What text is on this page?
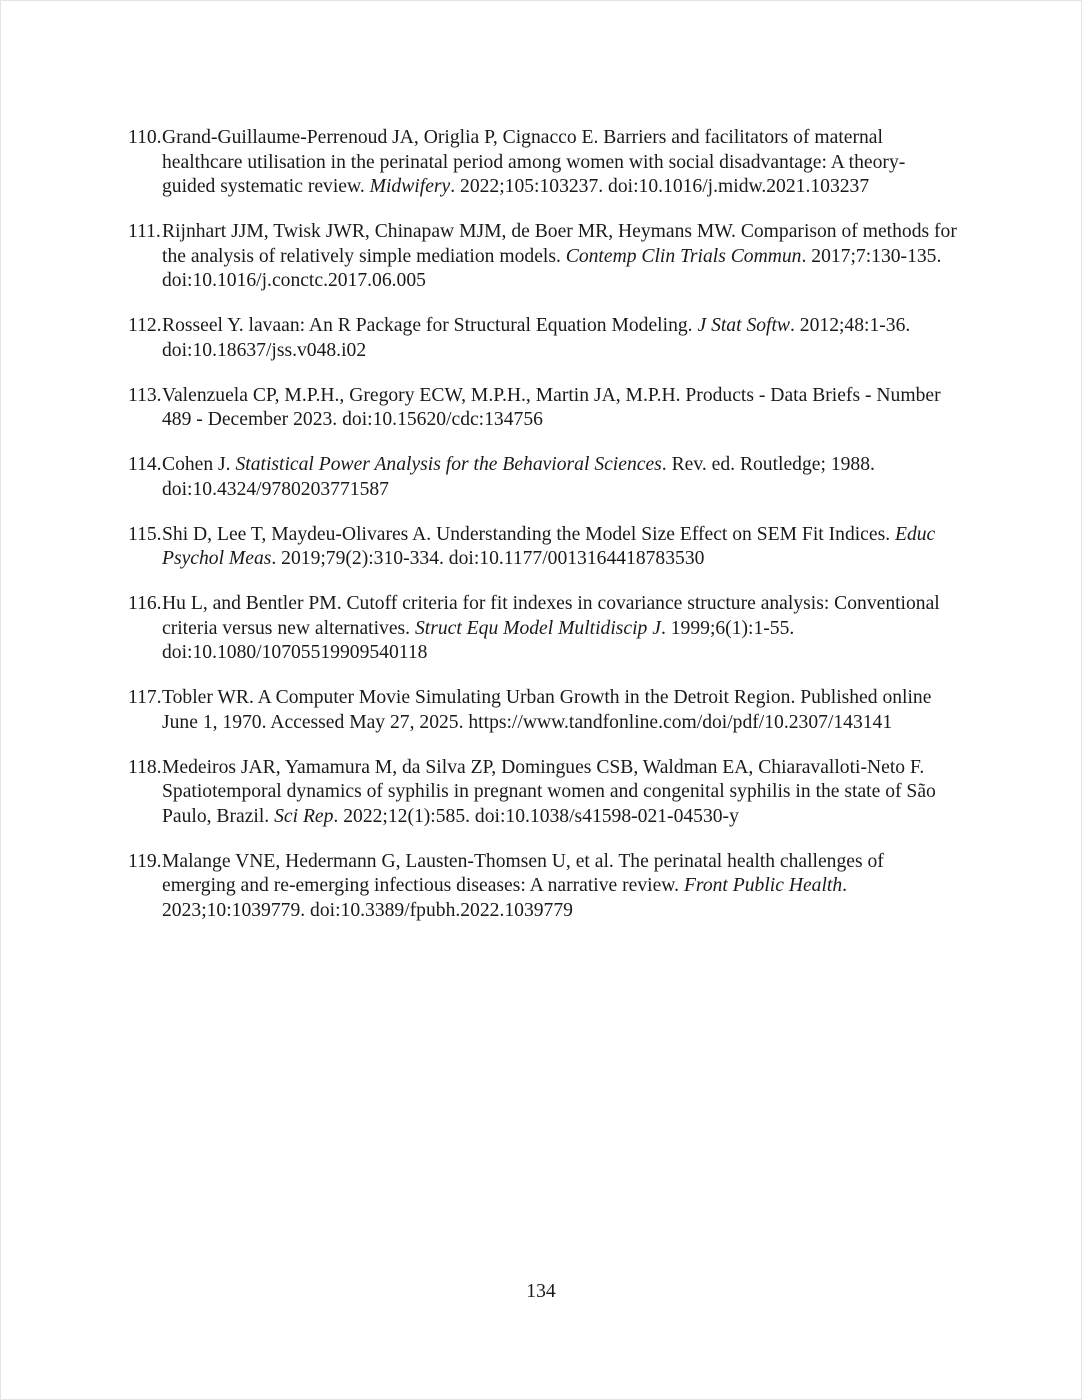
110. Grand-Guillaume-Perrenoud JA, Origlia P, Cignacco E. Barriers and facilitators of maternal healthcare utilisation in the perinatal period among women with social disadvantage: A theory-guided systematic review. Midwifery. 2022;105:103237. doi:10.1016/j.midw.2021.103237
111. Rijnhart JJM, Twisk JWR, Chinapaw MJM, de Boer MR, Heymans MW. Comparison of methods for the analysis of relatively simple mediation models. Contemp Clin Trials Commun. 2017;7:130-135. doi:10.1016/j.conctc.2017.06.005
112. Rosseel Y. lavaan: An R Package for Structural Equation Modeling. J Stat Softw. 2012;48:1-36. doi:10.18637/jss.v048.i02
113. Valenzuela CP, M.P.H., Gregory ECW, M.P.H., Martin JA, M.P.H. Products - Data Briefs - Number 489 - December 2023. doi:10.15620/cdc:134756
114. Cohen J. Statistical Power Analysis for the Behavioral Sciences. Rev. ed. Routledge; 1988. doi:10.4324/9780203771587
115. Shi D, Lee T, Maydeu-Olivares A. Understanding the Model Size Effect on SEM Fit Indices. Educ Psychol Meas. 2019;79(2):310-334. doi:10.1177/0013164418783530
116. Hu L, and Bentler PM. Cutoff criteria for fit indexes in covariance structure analysis: Conventional criteria versus new alternatives. Struct Equ Model Multidiscip J. 1999;6(1):1-55. doi:10.1080/10705519909540118
117. Tobler WR. A Computer Movie Simulating Urban Growth in the Detroit Region. Published online June 1, 1970. Accessed May 27, 2025. https://www.tandfonline.com/doi/pdf/10.2307/143141
118. Medeiros JAR, Yamamura M, da Silva ZP, Domingues CSB, Waldman EA, Chiaravalloti-Neto F. Spatiotemporal dynamics of syphilis in pregnant women and congenital syphilis in the state of São Paulo, Brazil. Sci Rep. 2022;12(1):585. doi:10.1038/s41598-021-04530-y
119. Malange VNE, Hedermann G, Lausten-Thomsen U, et al. The perinatal health challenges of emerging and re-emerging infectious diseases: A narrative review. Front Public Health. 2023;10:1039779. doi:10.3389/fpubh.2022.1039779
134
